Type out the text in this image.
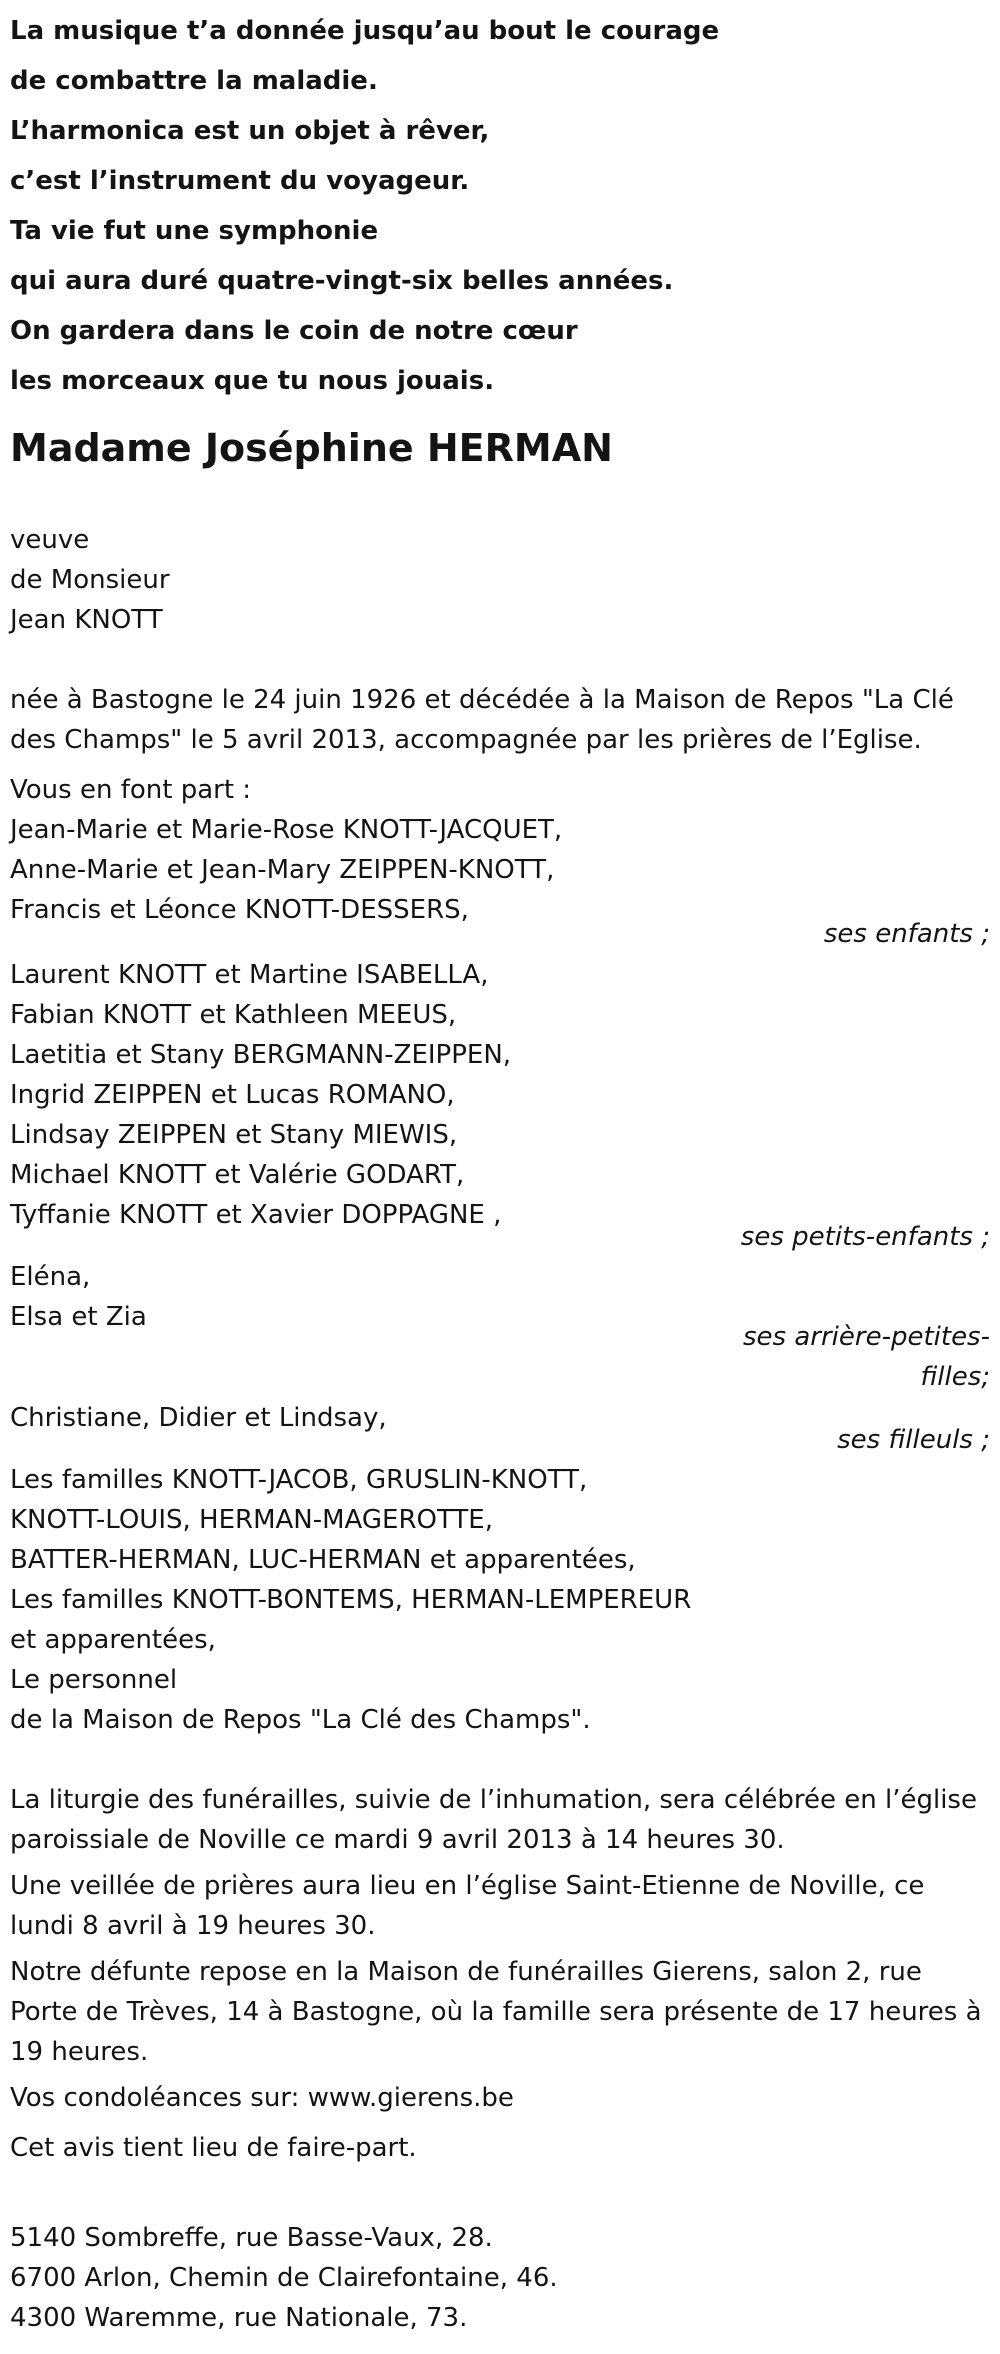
La musique t’a donnée jusqu’au bout le courage
de combattre la maladie.
L’harmonica est un objet à rêver,
c’est l’instrument du voyageur.
Ta vie fut une symphonie
qui aura duré quatre-vingt-six belles années.
On gardera dans le coin de notre cœur
les morceaux que tu nous jouais.
Madame Joséphine HERMAN
veuve
de Monsieur
Jean KNOTT
née à Bastogne le 24 juin 1926 et décédée à la Maison de Repos "La Clé des Champs" le 5 avril 2013, accompagnée par les prières de l’Eglise.
Vous en font part :
Jean-Marie et Marie-Rose KNOTT-JACQUET,
Anne-Marie et Jean-Mary ZEIPPEN-KNOTT,
Francis et Léonce KNOTT-DESSERS,
ses enfants ;
Laurent KNOTT et Martine ISABELLA,
Fabian KNOTT et Kathleen MEEUS,
Laetitia et Stany BERGMANN-ZEIPPEN,
Ingrid ZEIPPEN et Lucas ROMANO,
Lindsay ZEIPPEN et Stany MIEWIS,
Michael KNOTT et Valérie GODART,
Tyffanie KNOTT et Xavier DOPPAGNE ,
ses petits-enfants ;
Eléna,
Elsa et Zia
ses arrière-petites-
filles;
Christiane, Didier et Lindsay,
ses filleuls ;
Les familles KNOTT-JACOB, GRUSLIN-KNOTT,
KNOTT-LOUIS, HERMAN-MAGEROTTE,
BATTER-HERMAN, LUC-HERMAN et apparentées,
Les familles KNOTT-BONTEMS, HERMAN-LEMPEREUR
et apparentées,
Le personnel
de la Maison de Repos "La Clé des Champs".
La liturgie des funérailles, suivie de l’inhumation, sera célébrée en l’église paroissiale de Noville ce mardi 9 avril 2013 à 14 heures 30.
Une veillée de prières aura lieu en l’église Saint-Etienne de Noville, ce lundi 8 avril à 19 heures 30.
Notre défunte repose en la Maison de funérailles Gierens, salon 2, rue Porte de Trèves, 14 à Bastogne, où la famille sera présente de 17 heures à 19 heures.
Vos condoléances sur: www.gierens.be
Cet avis tient lieu de faire-part.
5140 Sombreffe, rue Basse-Vaux, 28.
6700 Arlon, Chemin de Clairefontaine, 46.
4300 Waremme, rue Nationale, 73.
